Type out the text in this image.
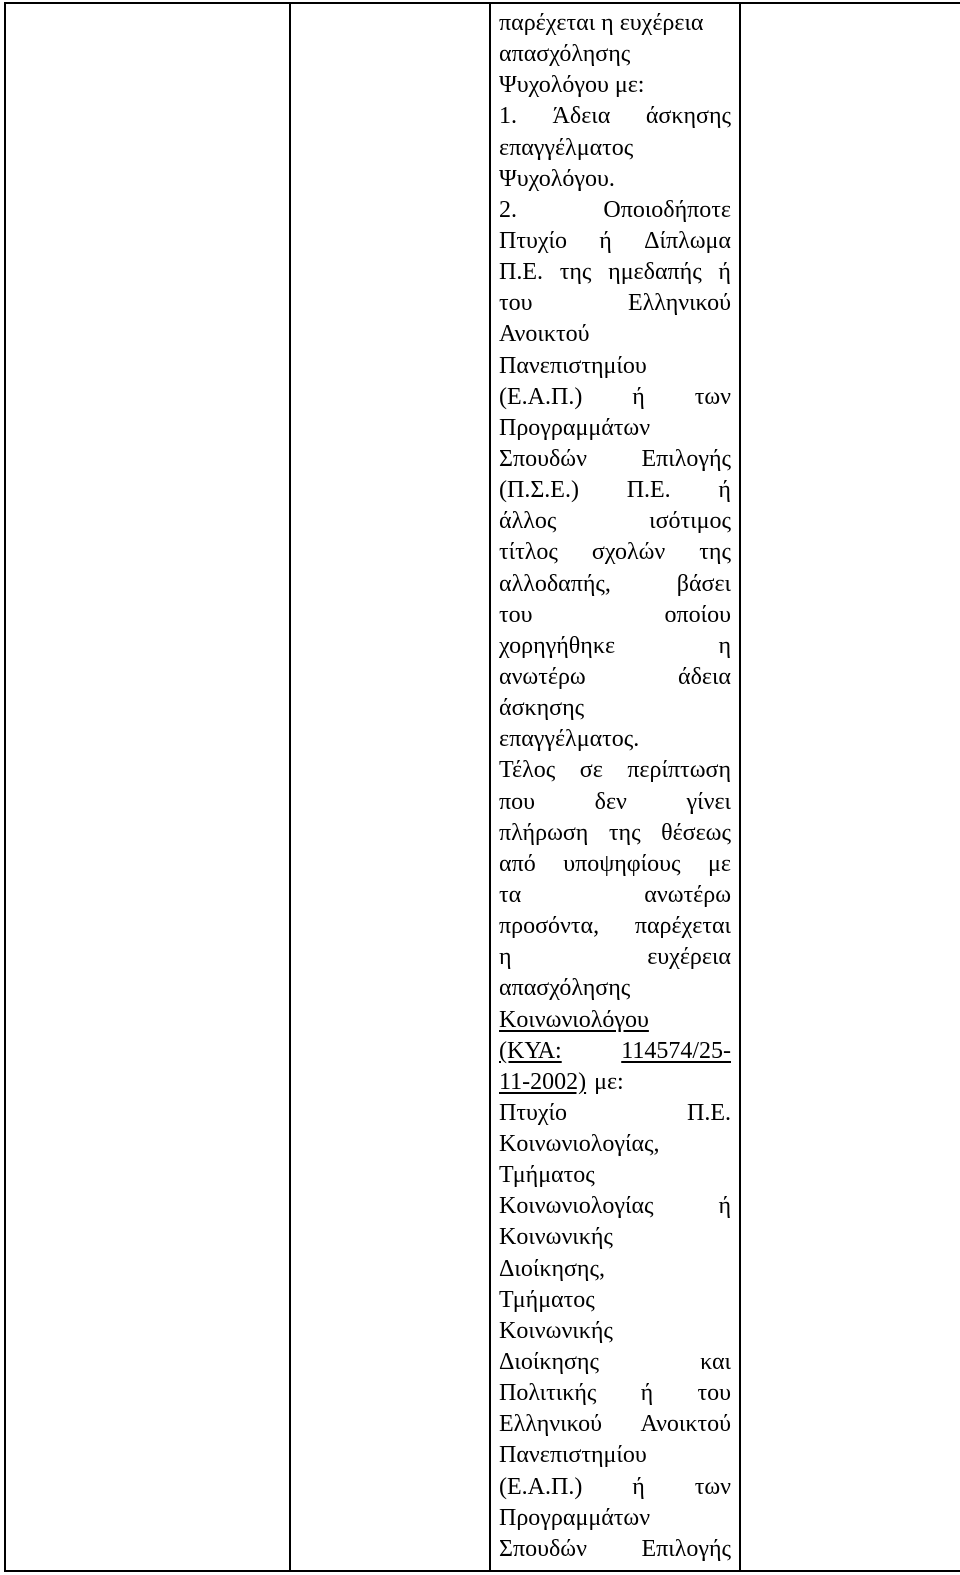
παρέχεται η ευχέρεια
απασχόλησης
Ψυχολόγου με:
1. Άδεια άσκησης
επαγγέλματος
Ψυχολόγου.
2.	Οποιοδήποτε
Πτυχίο ή Δίπλωμα
Π.Ε. της ημεδαπής ή
του	Ελληνικού
Ανοικτού
Πανεπιστημίου
(Ε.Α.Π.) ή των
Προγραμμάτων
Σπουδών Επιλογής
(Π.Σ.Ε.) Π.Ε. ή
άλλος	ισότιμος
τίτλος σχολών της
αλλοδαπής,	βάσει
του	οποίου
χορηγήθηκε	η
ανωτέρω	άδεια
άσκησης
επαγγέλματος.
Τέλος σε περίπτωση
που δεν γίνει
πλήρωση της θέσεως
από υποψηφίους με
τα	ανωτέρω
προσόντα, παρέχεται
η	ευχέρεια
απασχόλησης
Κοινωνιολόγου
(ΚΥΑ: 114574/25-
11-2002) με:
Πτυχίο	Π.Ε.
Κοινωνιολογίας,
Τμήματος
Κοινωνιολογίας	ή
Κοινωνικής
Διοίκησης,
Τμήματος
Κοινωνικής
Διοίκησης	και
Πολιτικής ή του
Ελληνικού Ανοικτού
Πανεπιστημίου
(Ε.Α.Π.) ή των
Προγραμμάτων
Σπουδών Επιλογής
